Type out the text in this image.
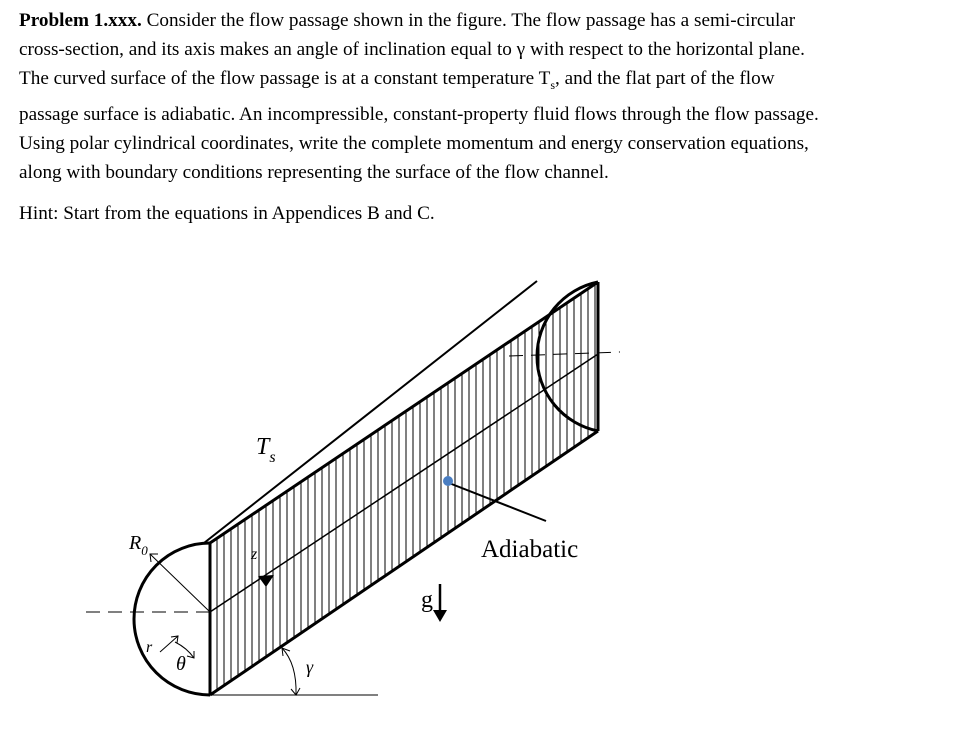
Problem 1.xxx. Consider the flow passage shown in the figure. The flow passage has a semi-circular
cross-section, and its axis makes an angle of inclination equal to γ with respect to the horizontal plane.
The curved surface of the flow passage is at a constant temperature $T_s$, and the flat part of the flow
passage surface is adiabatic. An incompressible, constant-property fluid flows through the flow passage.
Using polar cylindrical coordinates, write the complete momentum and energy conservation equations,
along with boundary conditions representing the surface of the flow channel.
Hint: Start from the equations in Appendices B and C.
$T_s$
$R_0$	z
r
θ	γ
g
Adiabatic
